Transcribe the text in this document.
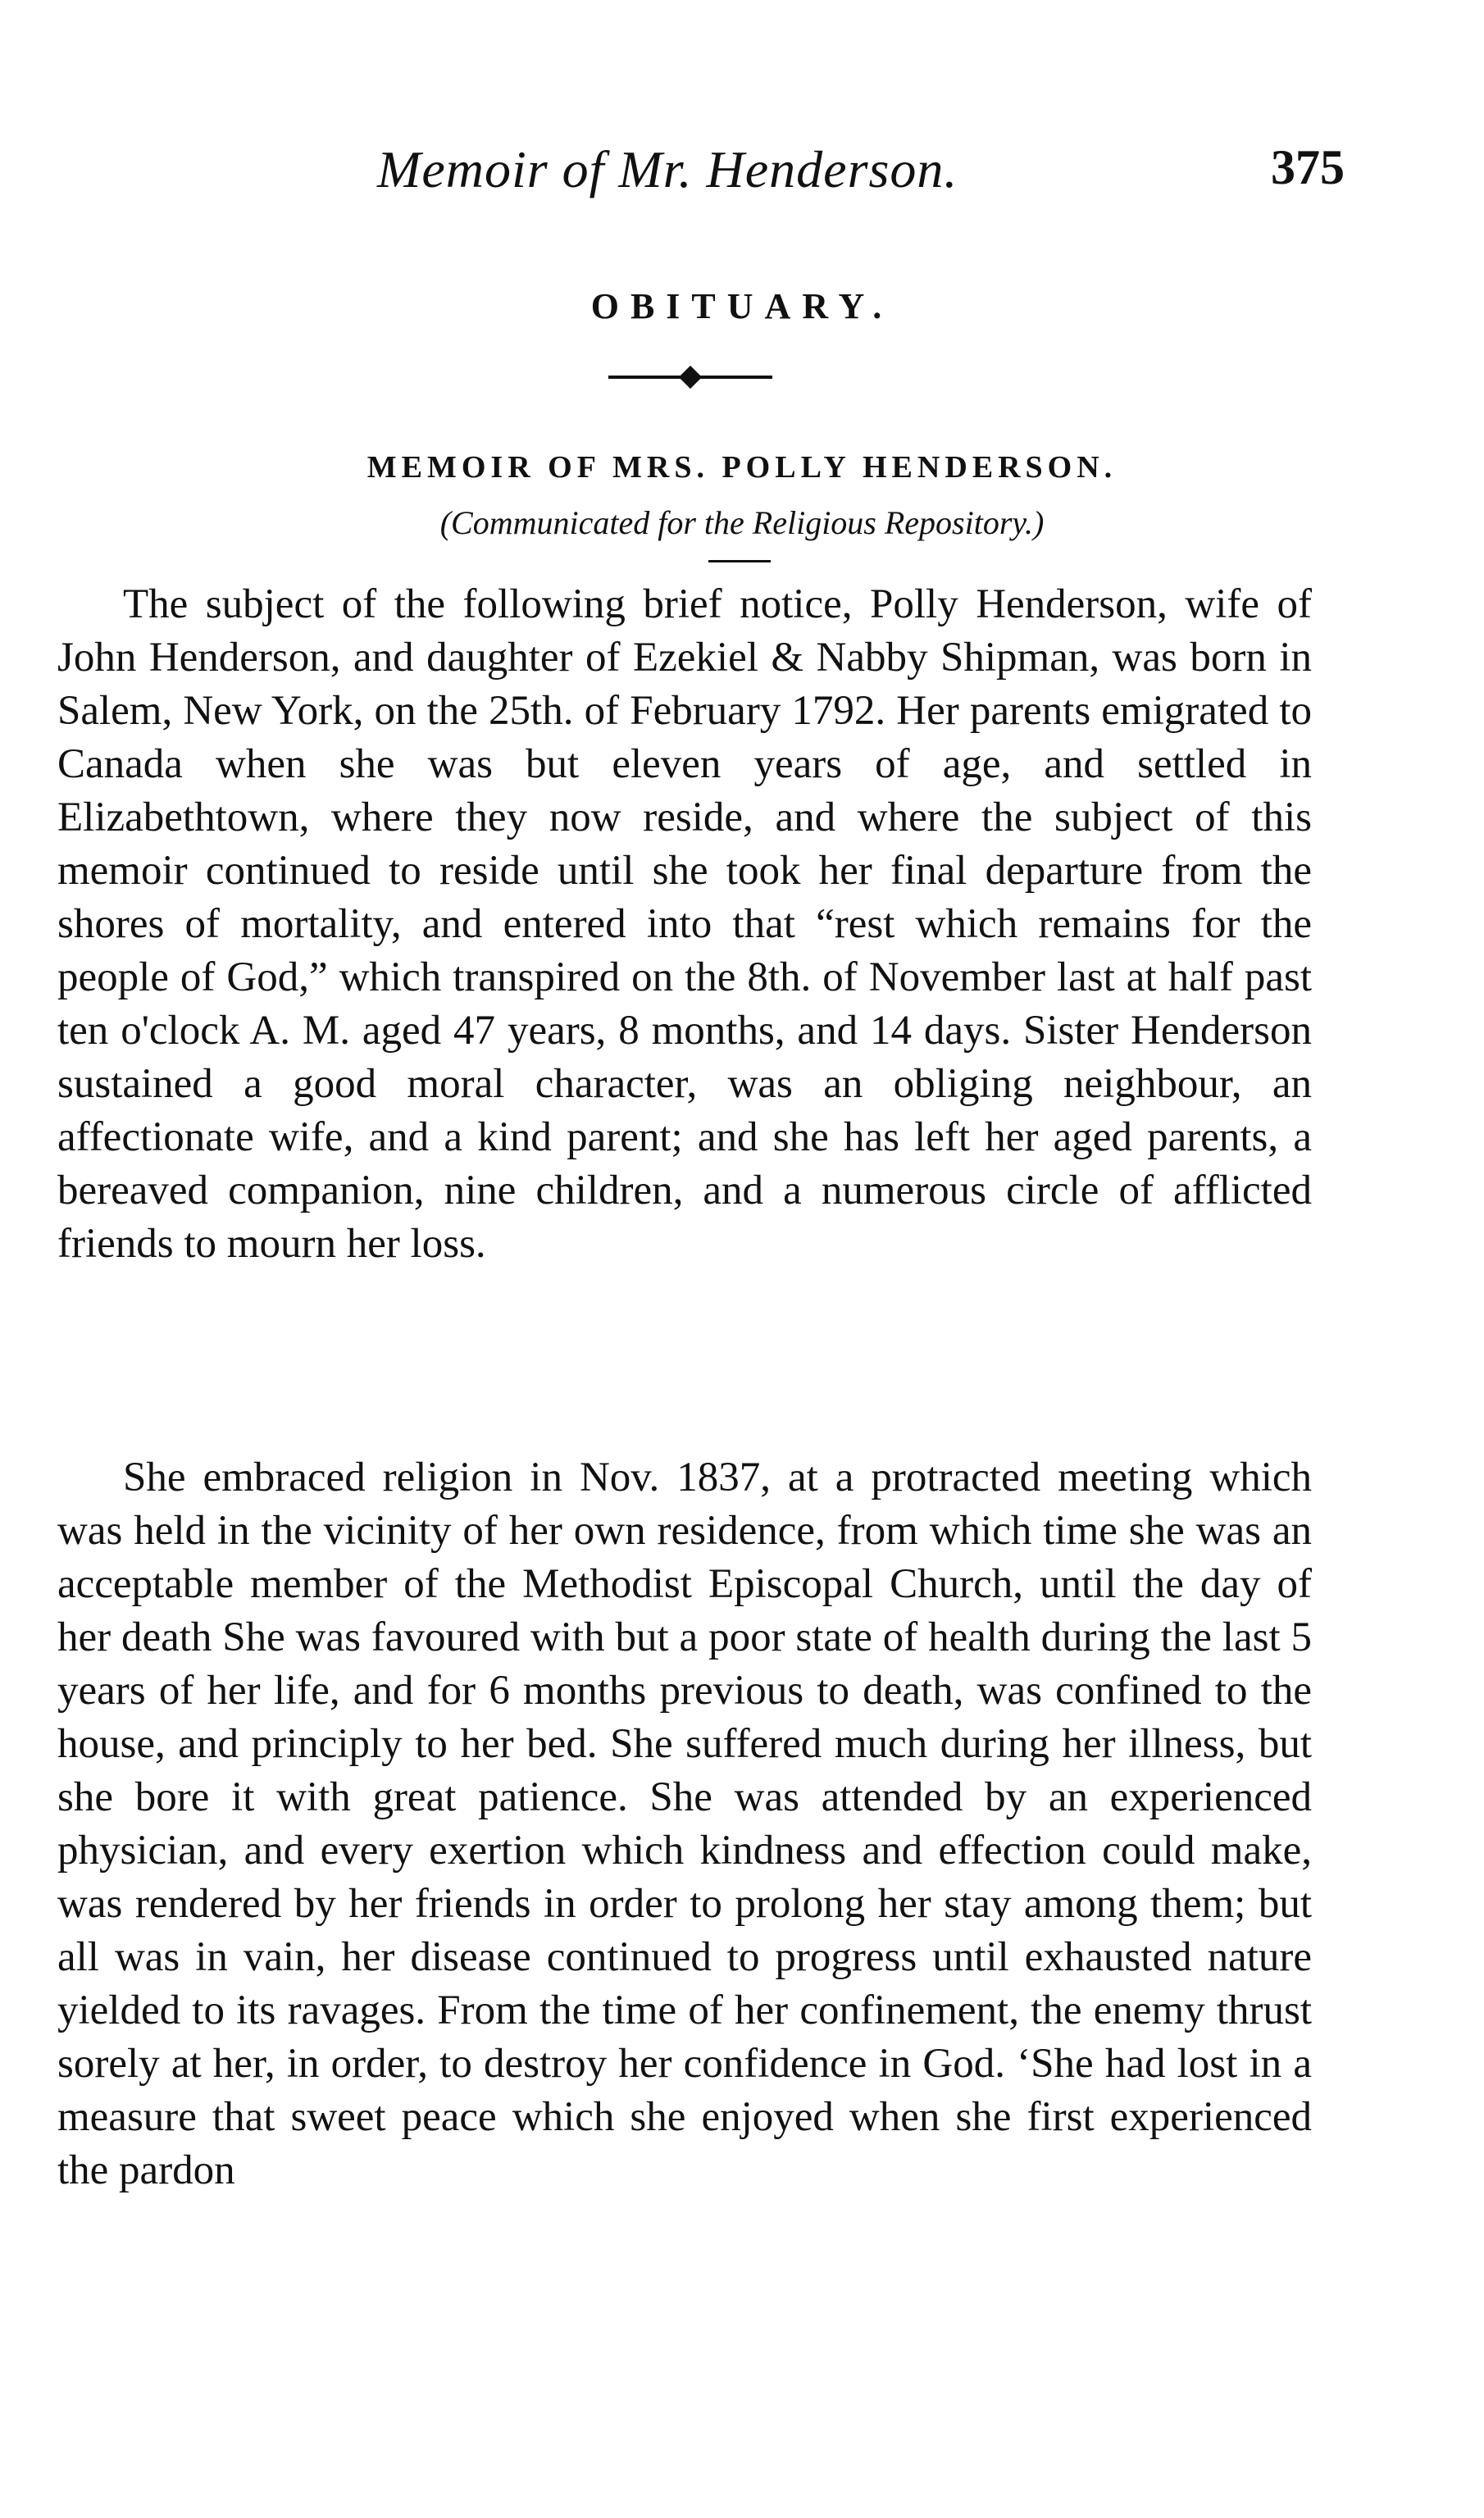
Memoir of Mr. Henderson.	375
OBITUARY.
MEMOIR OF MRS. POLLY HENDERSON.
(Communicated for the Religious Repository.)

The subject of the following brief notice, Polly Henderson, wife of John Henderson, and daughter of Ezekiel & Nabby Shipman, was born in Salem, New York, on the 25th. of February 1792. Her parents emigrated to Canada when she was but eleven years of age, and settled in Elizabethtown, where they now reside, and where the subject of this memoir continued to reside until she took her final departure from the shores of mortality, and entered into that “rest which remains for the people of God,” which transpired on the 8th. of November last at half past ten o'clock A. M. aged 47 years, 8 months, and 14 days. Sister Henderson sustained a good moral character, was an obliging neighbour, an affectionate wife, and a kind parent; and she has left her aged parents, a bereaved companion, nine children, and a numerous circle of afflicted friends to mourn her loss.

She embraced religion in Nov. 1837, at a protracted meeting which was held in the vicinity of her own residence, from which time she was an acceptable member of the Methodist Episcopal Church, until the day of her death She was favoured with but a poor state of health during the last 5 years of her life, and for 6 months previous to death, was confined to the house, and principly to her bed. She suffered much during her illness, but she bore it with great patience. She was attended by an experienced physician, and every exertion which kindness and effection could make, was rendered by her friends in order to prolong her stay among them; but all was in vain, her disease continued to progress until exhausted nature yielded to its ravages. From the time of her confinement, the enemy thrust sorely at her, in order, to destroy her confidence in God. ‘She had lost in a measure that sweet peace which she enjoyed when she first experienced the pardon
